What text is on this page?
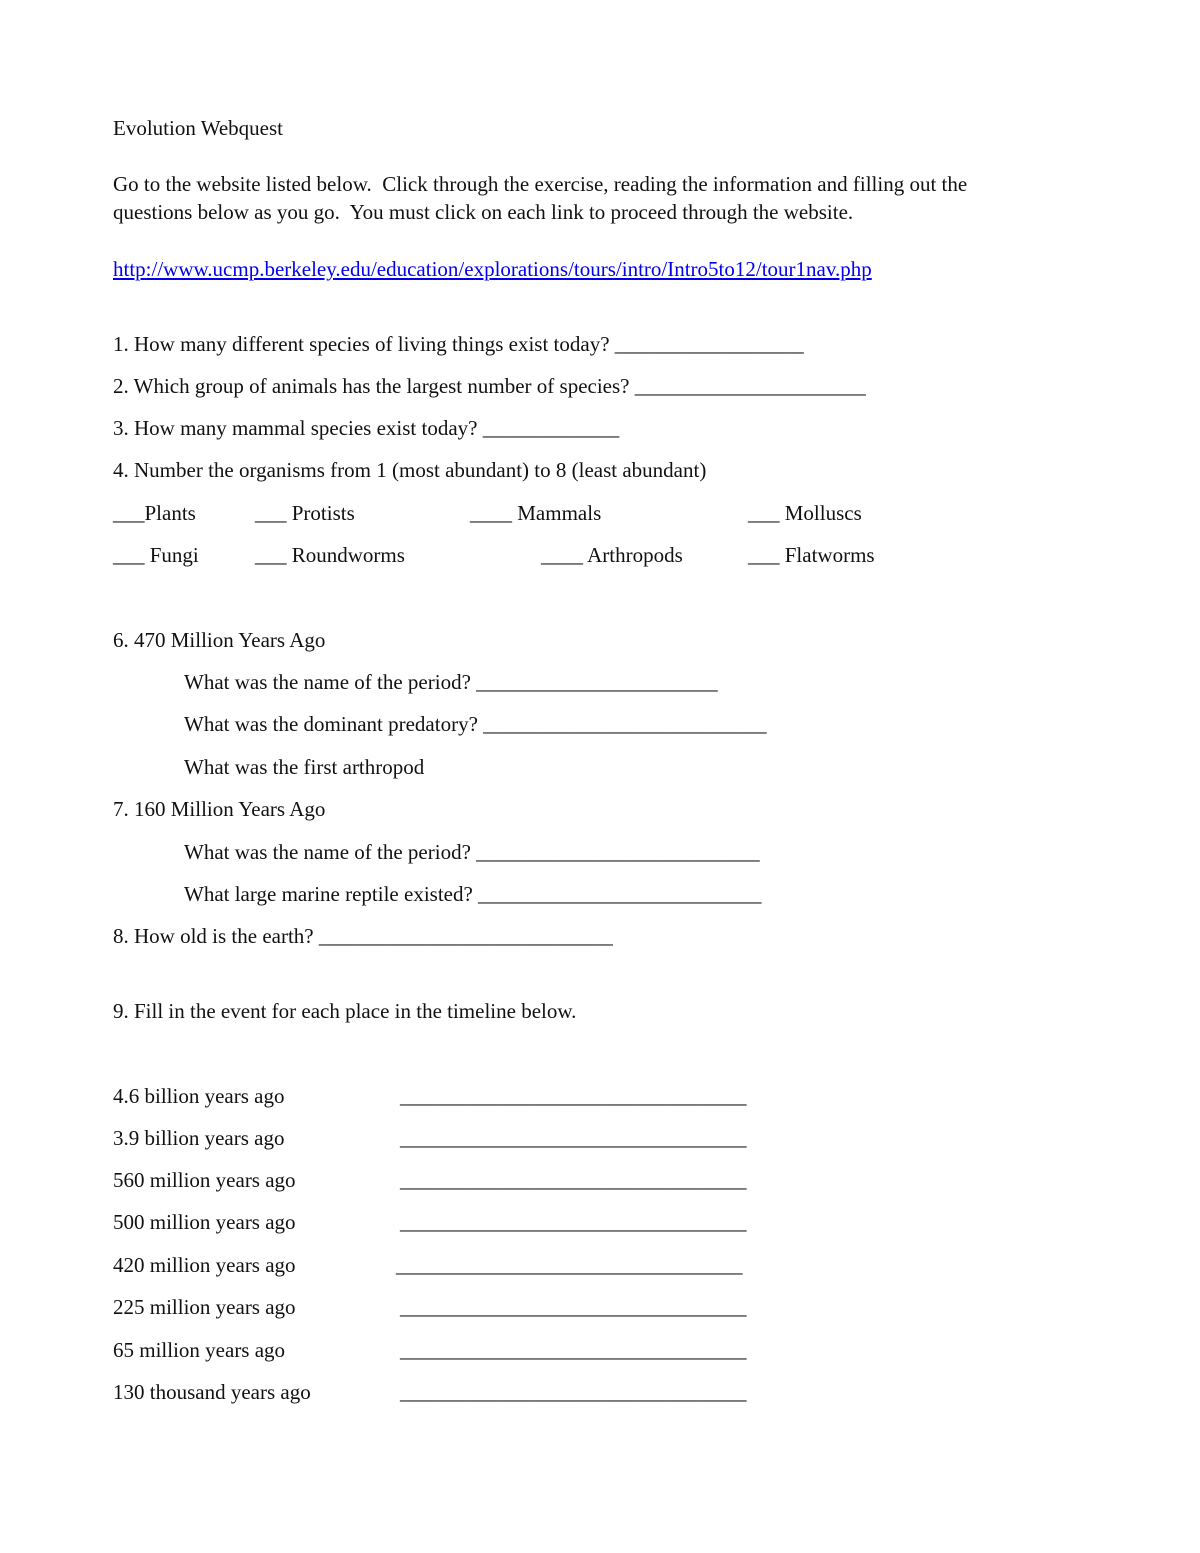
Evolution Webquest
Go to the website listed below.  Click through the exercise, reading the information and filling out the
questions below as you go.  You must click on each link to proceed through the website.
http://www.ucmp.berkeley.edu/education/explorations/tours/intro/Intro5to12/tour1nav.php
1. How many different species of living things exist today? __________________
2. Which group of animals has the largest number of species? ______________________
3. How many mammal species exist today? _____________
4. Number the organisms from 1 (most abundant) to 8 (least abundant)
___Plants	___ Protists	____ Mammals	___ Molluscs
___ Fungi	___ Roundworms	____ Arthropods	___ Flatworms
6. 470 Million Years Ago
What was the name of the period? _______________________
What was the dominant predatory? ___________________________
What was the first arthropod
7. 160 Million Years Ago
What was the name of the period? ___________________________
What large marine reptile existed? ___________________________
8. How old is the earth? ____________________________
9. Fill in the event for each place in the timeline below.
4.6 billion years ago	_________________________________
3.9 billion years ago	_________________________________
560 million years ago	_________________________________
500 million years ago	_________________________________
420 million years ago	_________________________________
225 million years ago	_________________________________
65 million years ago	_________________________________
130 thousand years ago	_________________________________
